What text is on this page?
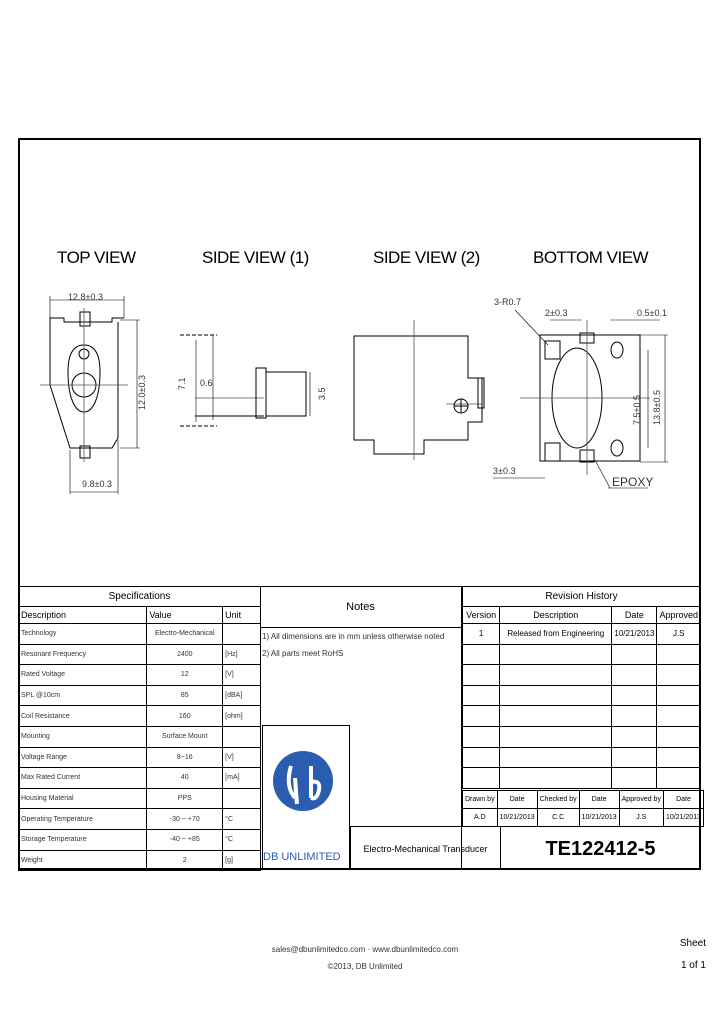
TOP VIEW	SIDE VIEW (1)	SIDE VIEW (2)	BOTTOM VIEW
12.8±0.3
12.0±0.3
9.8±0.3
7.1 0.6
3.5
3-R0.7
2±0.3	0.5±0.1
7.5±0.5 13.8±0.5
3±0.3
EPOXY
Specifications		
Description	Value	Unit
Technology	Electro-Mechanical	
Resonant Frequency	2400	[Hz]
Rated Voltage	12	[V]
SPL @10cm	85	[dBA]
Coil Resistance	160	[ohm]
Mounting	Surface Mount	
Voltage Range	8~16	[V]
Max Rated Current	40	[mA]
Housing Material	PPS	
Operating Temperature	-30 ~ +70	°C
Storage Temperature	-40 ~ +85	°C
Weight	2	[g]
Notes
1) All dimensions are in mm unless otherwise noted
2) All parts meet RoHS
DB UNLIMITED
Revision History			
Version	Description	Date	Approved
1	Released from Engineering	10/21/2013	J.S

Drawn by	Date	Checked by	Date	Approved by	Date
A.D	10/21/2013	C.C	10/21/2013	J.S	10/21/2013
Electro-Mechanical Transducer	TE122412-5
sales@dbunlimitedco.com · www.dbunlimitedco.com
©2013, DB Unlimited
Sheet
1 of 1
